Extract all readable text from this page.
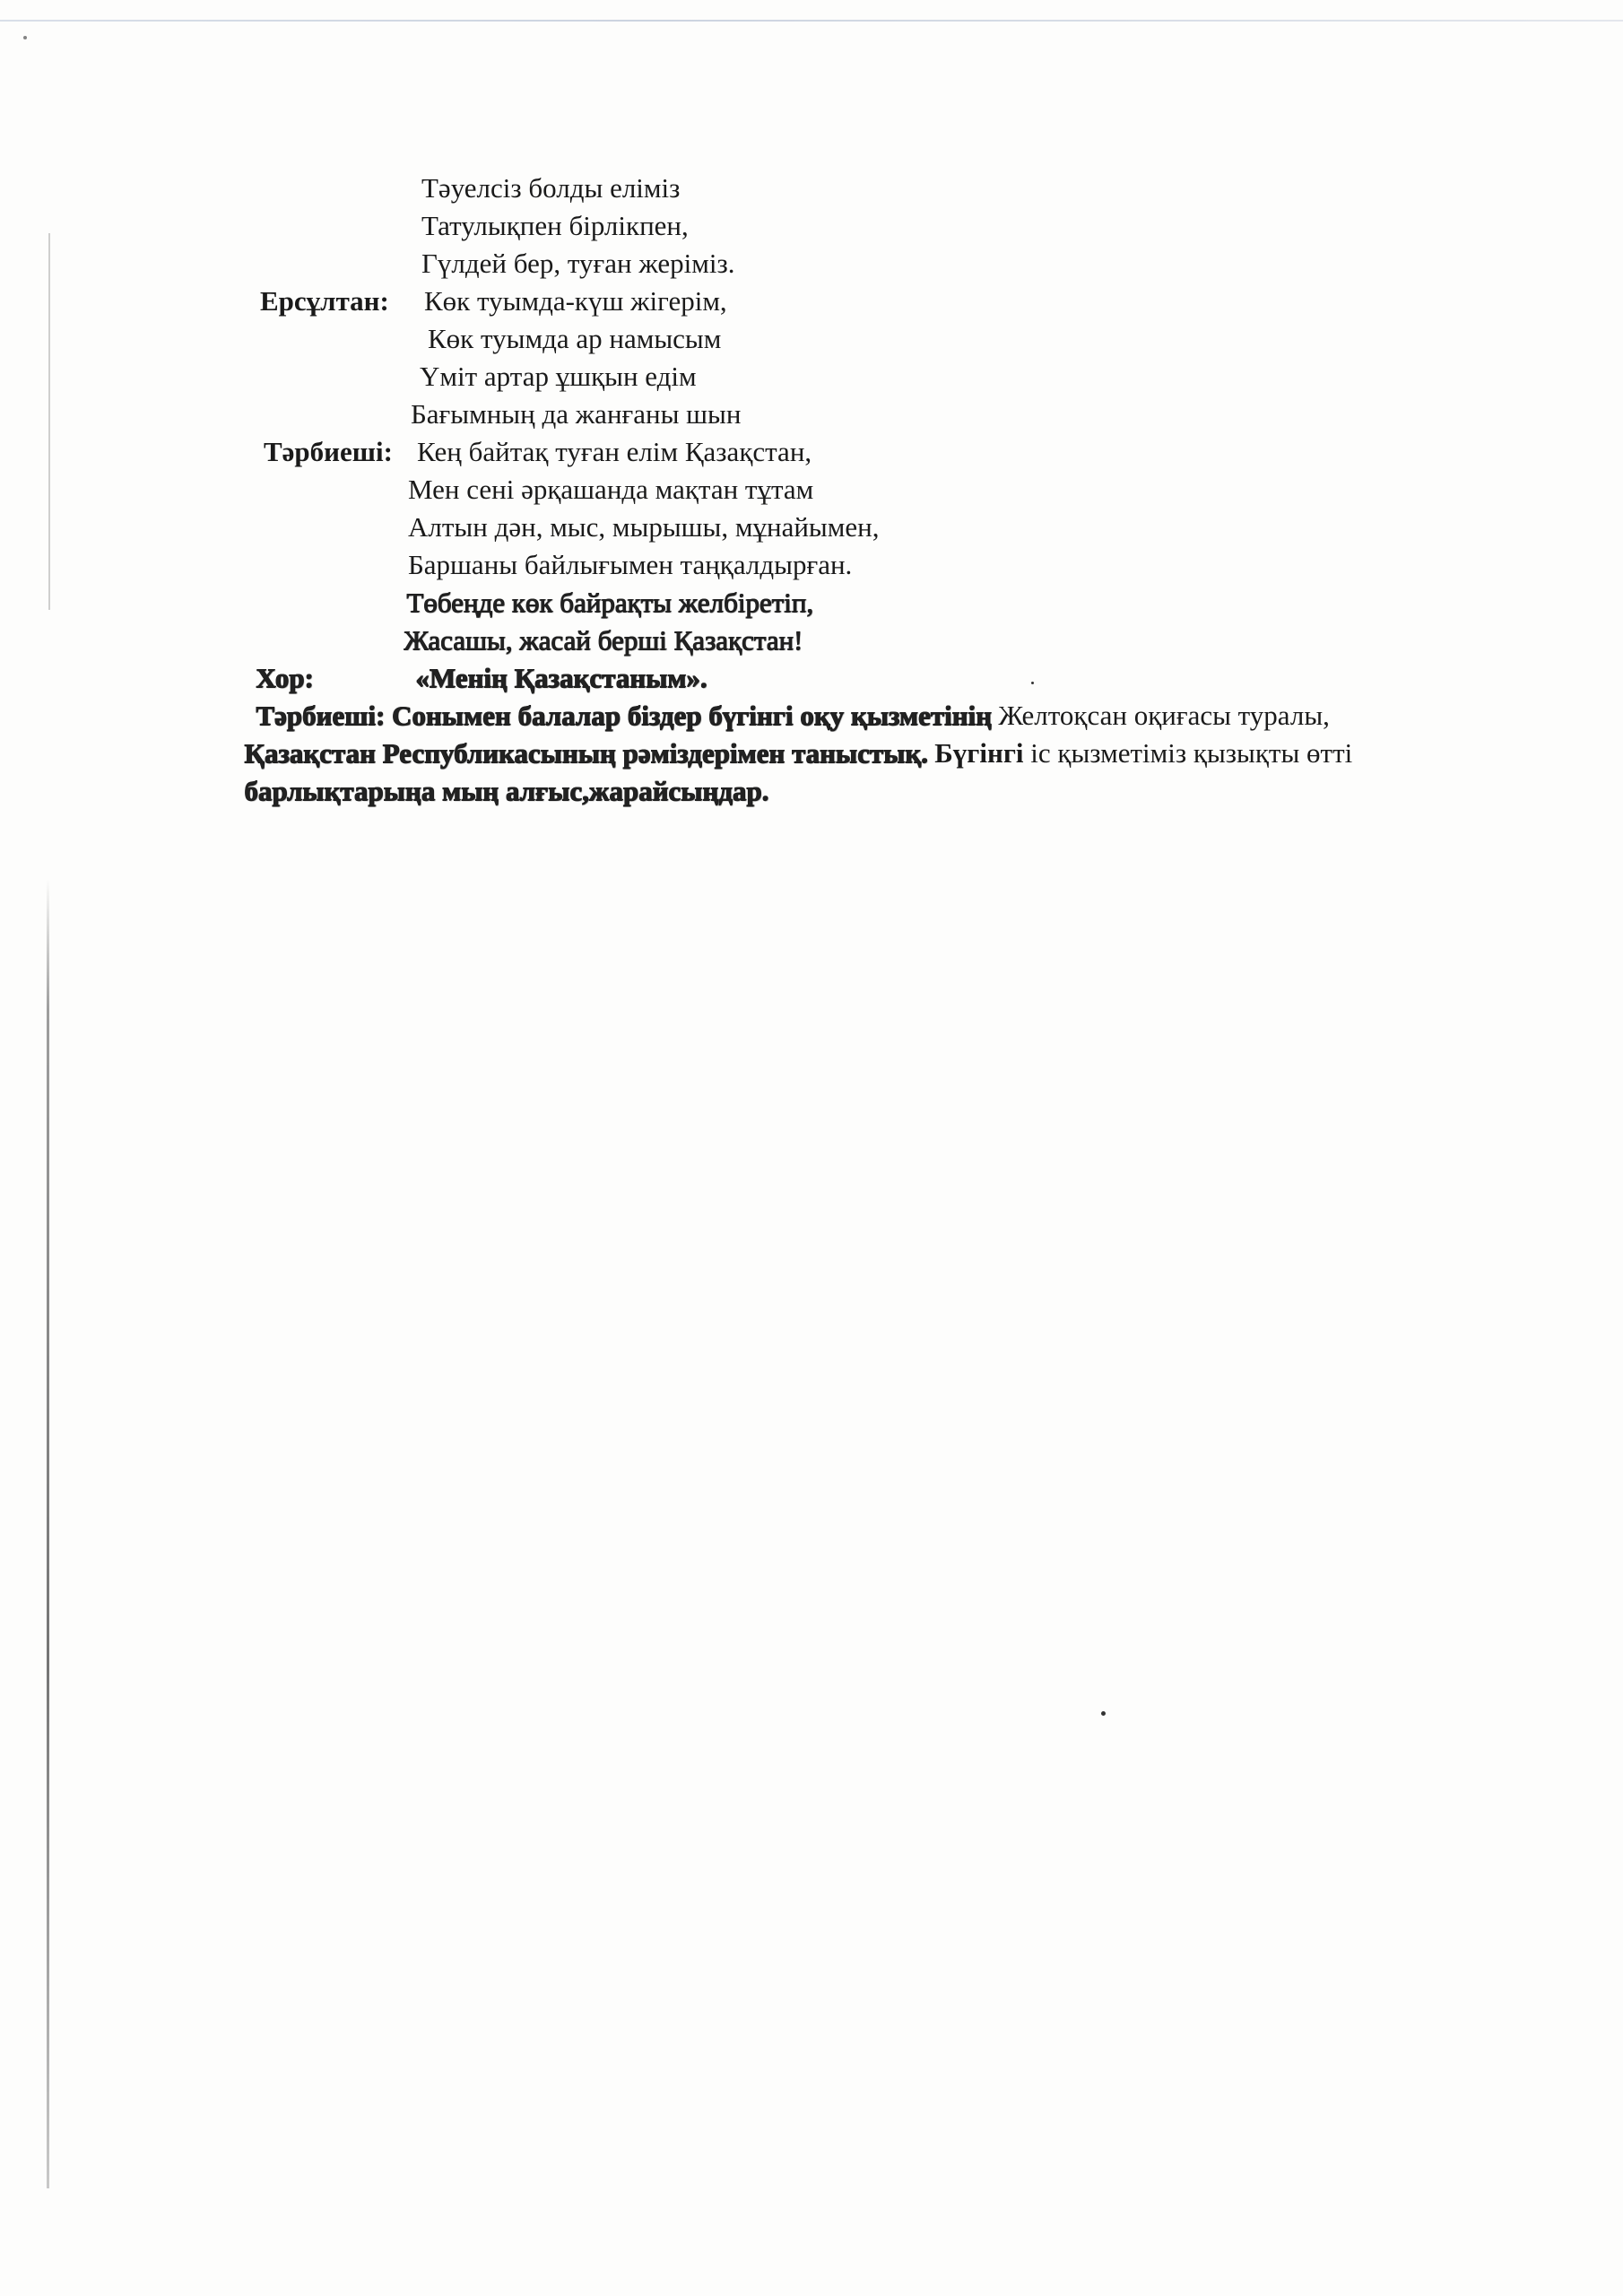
Тәуелсіз болды еліміз
Татулықпен бірлікпен,
Гүлдей бер, туған жеріміз.
Ерсұлтан: Көк туымда-күш жігерім,
Көк туымда ар намысым
Үміт артар ұшқын едім
Бағымның да жанғаны шын
Тәрбиеші: Кең байтақ туған елім Қазақстан,
Мен сені әрқашанда мақтан тұтам
Алтын дән, мыс, мырышы, мұнайымен,
Баршаны байлығымен таңқалдырған.
Төбеңде көк байрақты желбіретіп,
Жасашы, жасай берші Қазақстан!
Хор:	«Менің Қазақстаным».
Тәрбиеші: Сонымен балалар біздер бүгінгі оқу қызметінің Желтоқсан оқиғасы туралы,
Қазақстан Республикасының рәміздерімен таныстық. Бүгінгі іс қызметіміз қызықты өтті
барлықтарыңа мың алғыс,жарайсыңдар.
